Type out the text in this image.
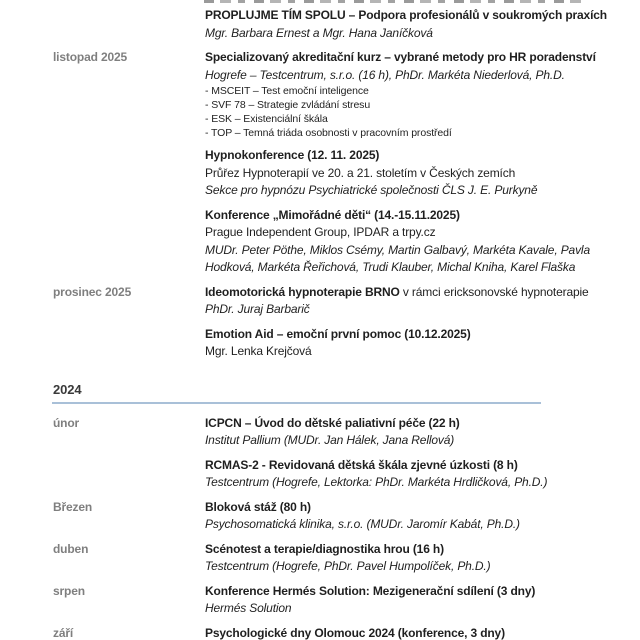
PROPLUJME TÍM SPOLU – Podpora profesionálů v soukromých praxích
Mgr. Barbara Ernest a Mgr. Hana Janíčková
listopad 2025	Specializovaný akreditační kurz – vybrané metody pro HR poradenství
Hogrefe – Testcentrum, s.r.o. (16 h), PhDr. Markéta Niederlová, Ph.D.
- MSCEIT – Test emoční inteligence
- SVF 78 – Strategie zvládání stresu
- ESK – Existenciální škála
- TOP – Temná triáda osobnosti v pracovním prostředí
Hypnokonference (12. 11. 2025)
Průřez Hypnoterapií ve 20. a 21. stoletím v Českých zemích
Sekce pro hypnózu Psychiatrické společnosti ČLS J. E. Purkyně
Konference „Mimořádné děti“ (14.-15.11.2025)
Prague Independent Group, IPDAR a trpy.cz
MUDr. Peter Pöthe, Miklos Csémy, Martin Galbavý, Markéta Kavale, Pavla
Hodková, Markéta Řeřichová, Trudi Klauber, Michal Kniha, Karel Flaška
prosinec 2025	Ideomotorická hypnoterapie BRNO v rámci ericksonovské hypnoterapie
PhDr. Juraj Barbarič
Emotion Aid – emoční první pomoc (10.12.2025)
Mgr. Lenka Krejčová
2024
únor	ICPCN – Úvod do dětské paliativní péče (22 h)
Institut Pallium (MUDr. Jan Hálek, Jana Rellová)
RCMAS-2 - Revidovaná dětská škála zjevné úzkosti (8 h)
Testcentrum (Hogrefe, Lektorka: PhDr. Markéta Hrdličková, Ph.D.)
Březen	Bloková stáž (80 h)
Psychosomatická klinika, s.r.o. (MUDr. Jaromír Kabát, Ph.D.)
duben	Scénotest a terapie/diagnostika hrou (16 h)
Testcentrum (Hogrefe, PhDr. Pavel Humpolíček, Ph.D.)
srpen	Konference Hermés Solution: Mezigenerační sdílení (3 dny)
Hermés Solution
září	Psychologické dny Olomouc 2024 (konference, 3 dny)
